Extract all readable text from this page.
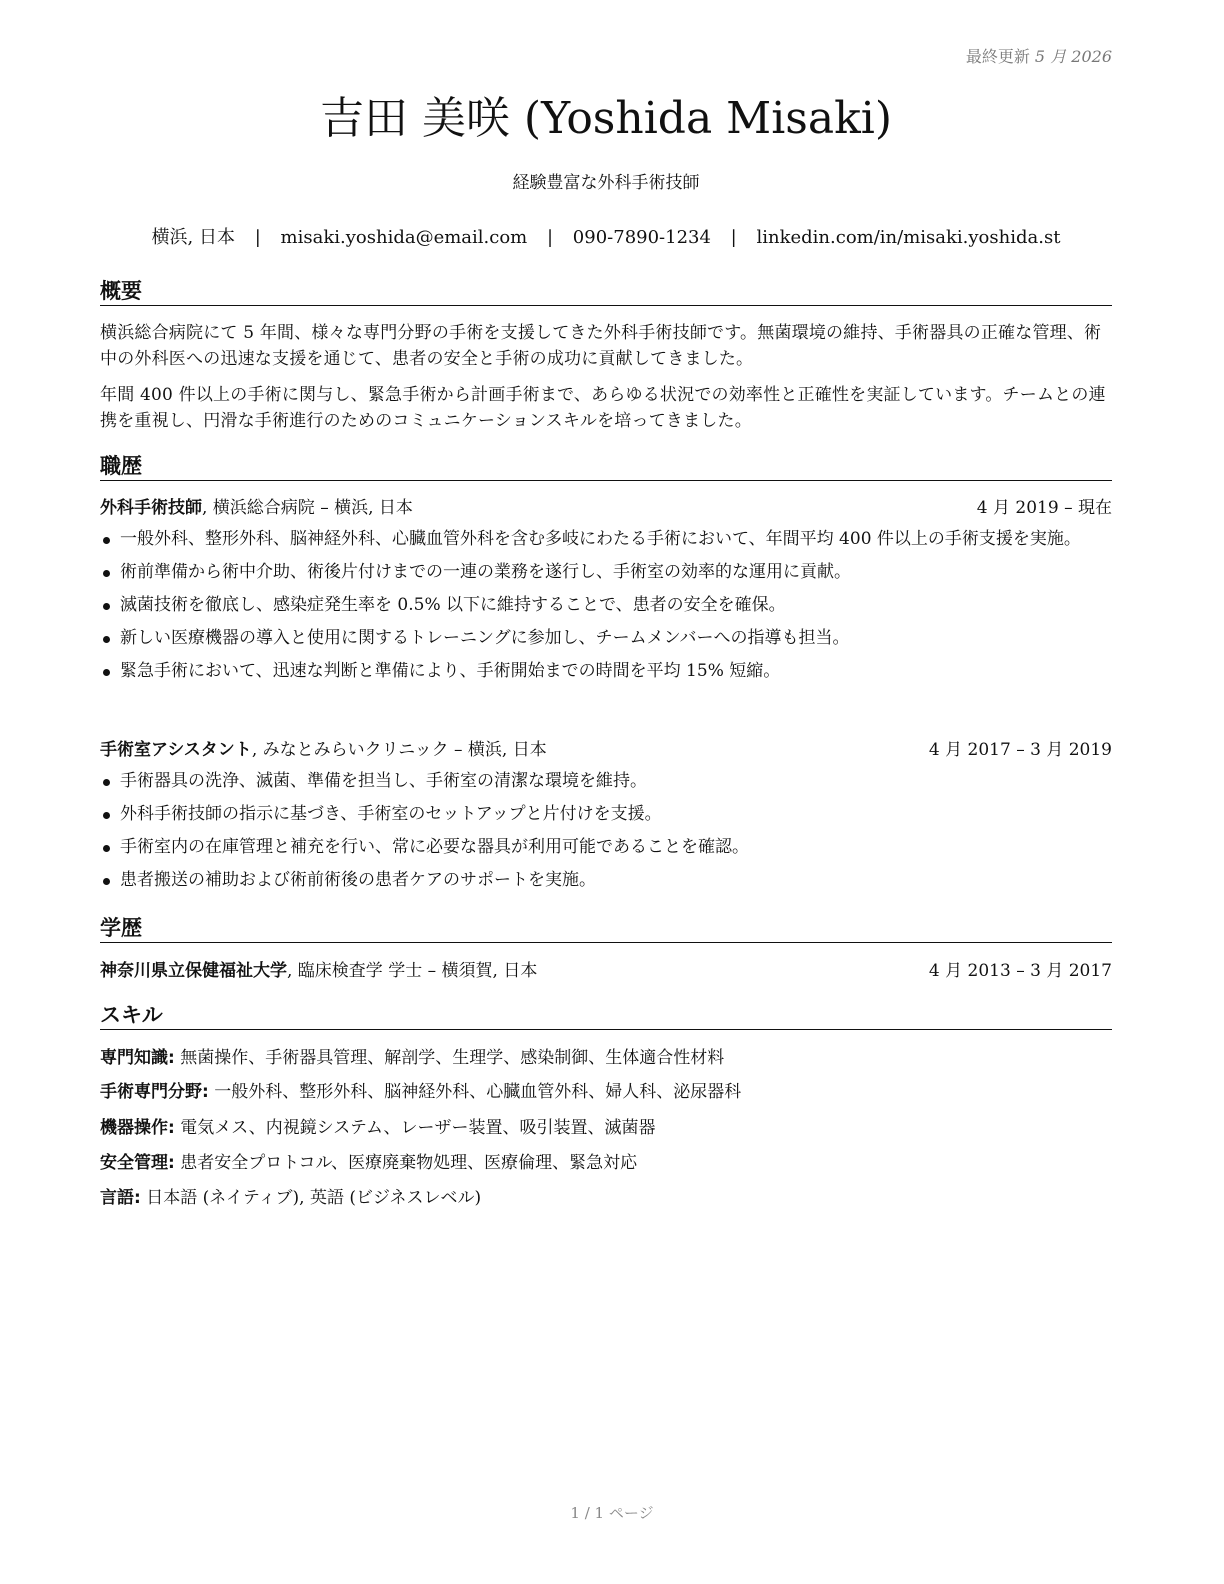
最終更新 5 月 2026
吉田 美咲 (Yoshida Misaki)
経験豊富な外科手術技師
横浜, 日本 | misaki.yoshida@email.com | 090-7890-1234 | linkedin.com/in/misaki.yoshida.st
概要

横浜総合病院にて 5 年間、様々な専門分野の手術を支援してきた外科手術技師です。無菌環境の維持、手術器具の正確な管理、術中の外科医への迅速な支援を通じて、患者の安全と手術の成功に貢献してきました。

年間 400 件以上の手術に関与し、緊急手術から計画手術まで、あらゆる状況での効率性と正確性を実証しています。チームとの連携を重視し、円滑な手術進行のためのコミュニケーションスキルを培ってきました。

職歴
外科手術技師, 横浜総合病院 – 横浜, 日本	4 月 2019 – 現在
一般外科、整形外科、脳神経外科、心臓血管外科を含む多岐にわたる手術において、年間平均 400 件以上の手術支援を実施。
術前準備から術中介助、術後片付けまでの一連の業務を遂行し、手術室の効率的な運用に貢献。
滅菌技術を徹底し、感染症発生率を 0.5% 以下に維持することで、患者の安全を確保。
新しい医療機器の導入と使用に関するトレーニングに参加し、チームメンバーへの指導も担当。
緊急手術において、迅速な判断と準備により、手術開始までの時間を平均 15% 短縮。
手術室アシスタント, みなとみらいクリニック – 横浜, 日本	4 月 2017 – 3 月 2019
手術器具の洗浄、滅菌、準備を担当し、手術室の清潔な環境を維持。
外科手術技師の指示に基づき、手術室のセットアップと片付けを支援。
手術室内の在庫管理と補充を行い、常に必要な器具が利用可能であることを確認。
患者搬送の補助および術前術後の患者ケアのサポートを実施。
学歴
神奈川県立保健福祉大学, 臨床検査学 学士 – 横須賀, 日本	4 月 2013 – 3 月 2017
スキル
専門知識: 無菌操作、手術器具管理、解剖学、生理学、感染制御、生体適合性材料
手術専門分野: 一般外科、整形外科、脳神経外科、心臓血管外科、婦人科、泌尿器科
機器操作: 電気メス、内視鏡システム、レーザー装置、吸引装置、滅菌器
安全管理: 患者安全プロトコル、医療廃棄物処理、医療倫理、緊急対応
言語: 日本語 (ネイティブ), 英語 (ビジネスレベル)
1 / 1 ページ
